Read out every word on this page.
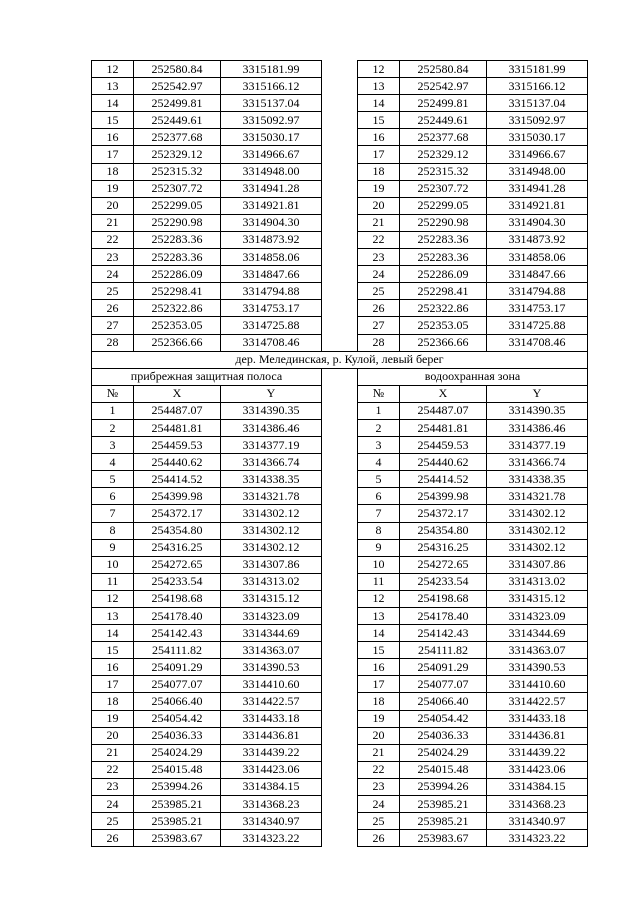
12	252580.84	3315181.99		12	252580.84	3315181.99
13	252542.97	3315166.12		13	252542.97	3315166.12
14	252499.81	3315137.04		14	252499.81	3315137.04
15	252449.61	3315092.97		15	252449.61	3315092.97
16	252377.68	3315030.17		16	252377.68	3315030.17
17	252329.12	3314966.67		17	252329.12	3314966.67
18	252315.32	3314948.00		18	252315.32	3314948.00
19	252307.72	3314941.28		19	252307.72	3314941.28
20	252299.05	3314921.81		20	252299.05	3314921.81
21	252290.98	3314904.30		21	252290.98	3314904.30
22	252283.36	3314873.92		22	252283.36	3314873.92
23	252283.36	3314858.06		23	252283.36	3314858.06
24	252286.09	3314847.66		24	252286.09	3314847.66
25	252298.41	3314794.88		25	252298.41	3314794.88
26	252322.86	3314753.17		26	252322.86	3314753.17
27	252353.05	3314725.88		27	252353.05	3314725.88
28	252366.66	3314708.46		28	252366.66	3314708.46
дер. Мелединская, р. Кулой, левый берег						
прибрежная защитная полоса				водоохранная зона		
№	X	Y		№	X	Y
1	254487.07	3314390.35		1	254487.07	3314390.35
2	254481.81	3314386.46		2	254481.81	3314386.46
3	254459.53	3314377.19		3	254459.53	3314377.19
4	254440.62	3314366.74		4	254440.62	3314366.74
5	254414.52	3314338.35		5	254414.52	3314338.35
6	254399.98	3314321.78		6	254399.98	3314321.78
7	254372.17	3314302.12		7	254372.17	3314302.12
8	254354.80	3314302.12		8	254354.80	3314302.12
9	254316.25	3314302.12		9	254316.25	3314302.12
10	254272.65	3314307.86		10	254272.65	3314307.86
11	254233.54	3314313.02		11	254233.54	3314313.02
12	254198.68	3314315.12		12	254198.68	3314315.12
13	254178.40	3314323.09		13	254178.40	3314323.09
14	254142.43	3314344.69		14	254142.43	3314344.69
15	254111.82	3314363.07		15	254111.82	3314363.07
16	254091.29	3314390.53		16	254091.29	3314390.53
17	254077.07	3314410.60		17	254077.07	3314410.60
18	254066.40	3314422.57		18	254066.40	3314422.57
19	254054.42	3314433.18		19	254054.42	3314433.18
20	254036.33	3314436.81		20	254036.33	3314436.81
21	254024.29	3314439.22		21	254024.29	3314439.22
22	254015.48	3314423.06		22	254015.48	3314423.06
23	253994.26	3314384.15		23	253994.26	3314384.15
24	253985.21	3314368.23		24	253985.21	3314368.23
25	253985.21	3314340.97		25	253985.21	3314340.97
26	253983.67	3314323.22		26	253983.67	3314323.22
